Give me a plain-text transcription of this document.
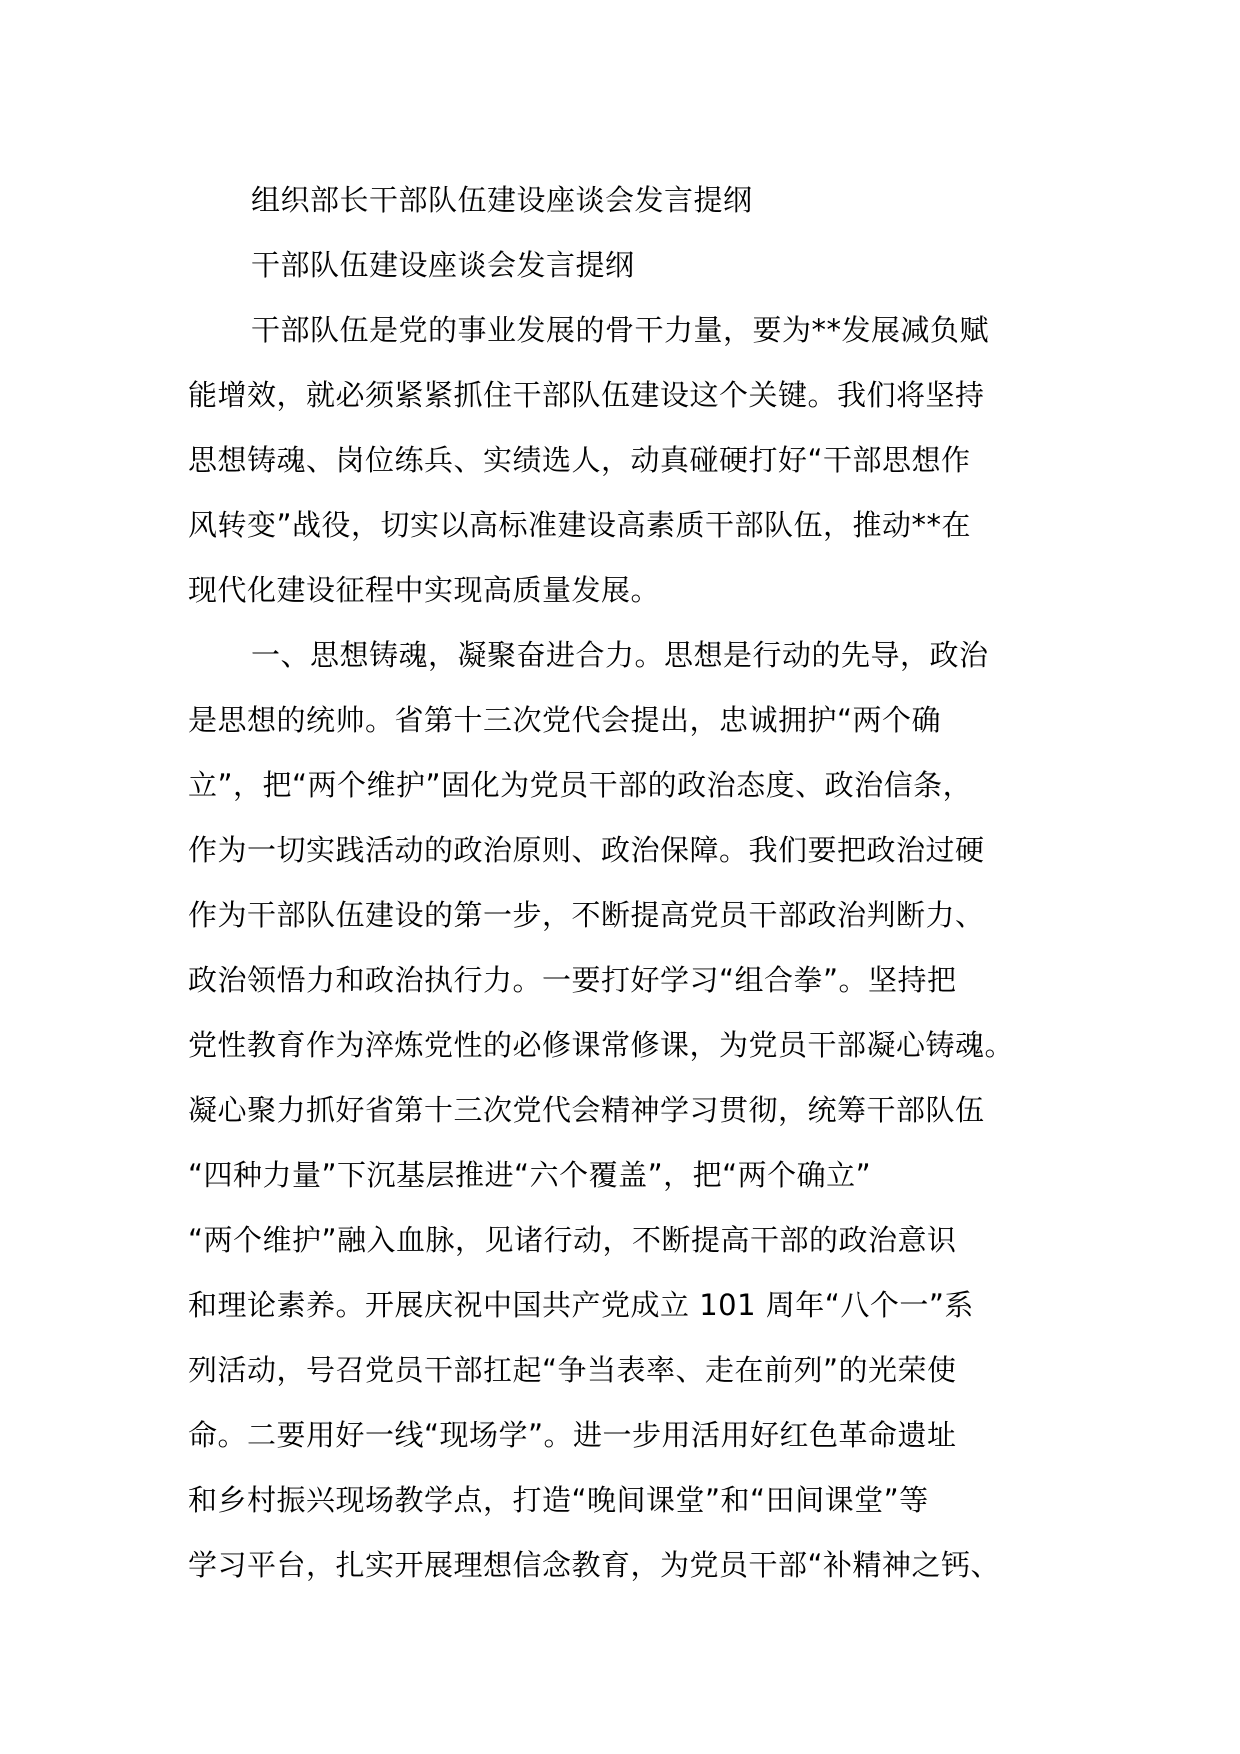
组织部长干部队伍建设座谈会发言提纲
干部队伍建设座谈会发言提纲
干部队伍是党的事业发展的骨干力量，要为**发展减负赋
能增效，就必须紧紧抓住干部队伍建设这个关键。我们将坚持
思想铸魂、岗位练兵、实绩选人，动真碰硬打好“干部思想作
风转变”战役，切实以高标准建设高素质干部队伍，推动**在
现代化建设征程中实现高质量发展。
一、思想铸魂，凝聚奋进合力。思想是行动的先导，政治
是思想的统帅。省第十三次党代会提出，忠诚拥护“两个确
立”，把“两个维护”固化为党员干部的政治态度、政治信条，
作为一切实践活动的政治原则、政治保障。我们要把政治过硬
作为干部队伍建设的第一步，不断提高党员干部政治判断力、
政治领悟力和政治执行力。一要打好学习“组合拳”。坚持把
党性教育作为淬炼党性的必修课常修课，为党员干部凝心铸魂。
凝心聚力抓好省第十三次党代会精神学习贯彻，统筹干部队伍
“四种力量”下沉基层推进“六个覆盖”，把“两个确立”
“两个维护”融入血脉，见诸行动，不断提高干部的政治意识
和理论素养。开展庆祝中国共产党成立 101 周年“八个一”系
列活动，号召党员干部扛起“争当表率、走在前列”的光荣使
命。二要用好一线“现场学”。进一步用活用好红色革命遗址
和乡村振兴现场教学点，打造“晚间课堂”和“田间课堂”等
学习平台，扎实开展理想信念教育，为党员干部“补精神之钙、
